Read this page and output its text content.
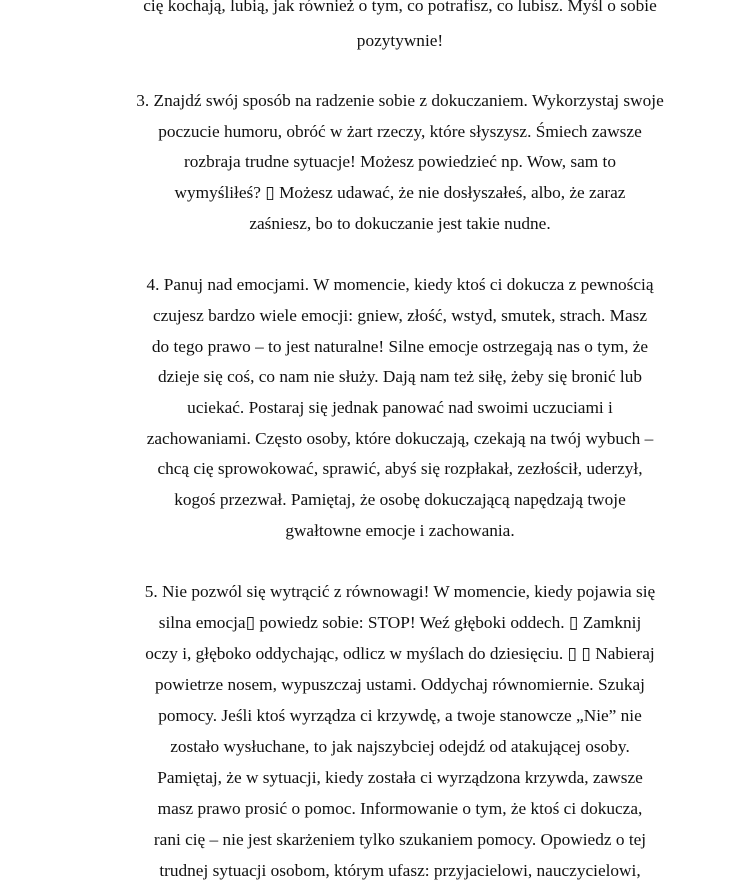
cię kochają, lubią, jak również o tym, co potrafisz, co lubisz. Myśl o sobie
pozytywnie!
3. Znajdź swój sposób na radzenie sobie z dokuczaniem. Wykorzystaj swoje
poczucie humoru, obróć w żart rzeczy, które słyszysz. Śmiech zawsze
rozbraja trudne sytuacje! Możesz powiedzieć np. Wow, sam to
wymyśliłeś? ▯ Możesz udawać, że nie dosłyszałeś, albo, że zaraz
zaśniesz, bo to dokuczanie jest takie nudne.
4. Panuj nad emocjami. W momencie, kiedy ktoś ci dokucza z pewnością
czujesz bardzo wiele emocji: gniew, złość, wstyd, smutek, strach. Masz
do tego prawo – to jest naturalne! Silne emocje ostrzegają nas o tym, że
dzieje się coś, co nam nie służy. Dają nam też siłę, żeby się bronić lub
uciekać. Postaraj się jednak panować nad swoimi uczuciami i
zachowaniami. Często osoby, które dokuczają, czekają na twój wybuch –
chcą cię sprowokować, sprawić, abyś się rozpłakał, zezłościł, uderzył,
kogoś przezwał. Pamiętaj, że osobę dokuczającą napędzają twoje
gwałtowne emocje i zachowania.
5. Nie pozwól się wytrącić z równowagi! W momencie, kiedy pojawia się
silna emocja▯ powiedz sobie: STOP! Weź głęboki oddech. ▯ Zamknij
oczy i, głęboko oddychając, odlicz w myślach do dziesięciu. ▯ ▯ Nabieraj
powietrze nosem, wypuszczaj ustami. Oddychaj równomiernie. Szukaj
pomocy. Jeśli ktoś wyrządza ci krzywdę, a twoje stanowcze „Nie” nie
zostało wysłuchane, to jak najszybciej odejdź od atakującej osoby.
Pamiętaj, że w sytuacji, kiedy została ci wyrządzona krzywda, zawsze
masz prawo prosić o pomoc. Informowanie o tym, że ktoś ci dokucza,
rani cię – nie jest skarżeniem tylko szukaniem pomocy. Opowiedz o tej
trudnej sytuacji osobom, którym ufasz: przyjacielowi, nauczycielowi,
